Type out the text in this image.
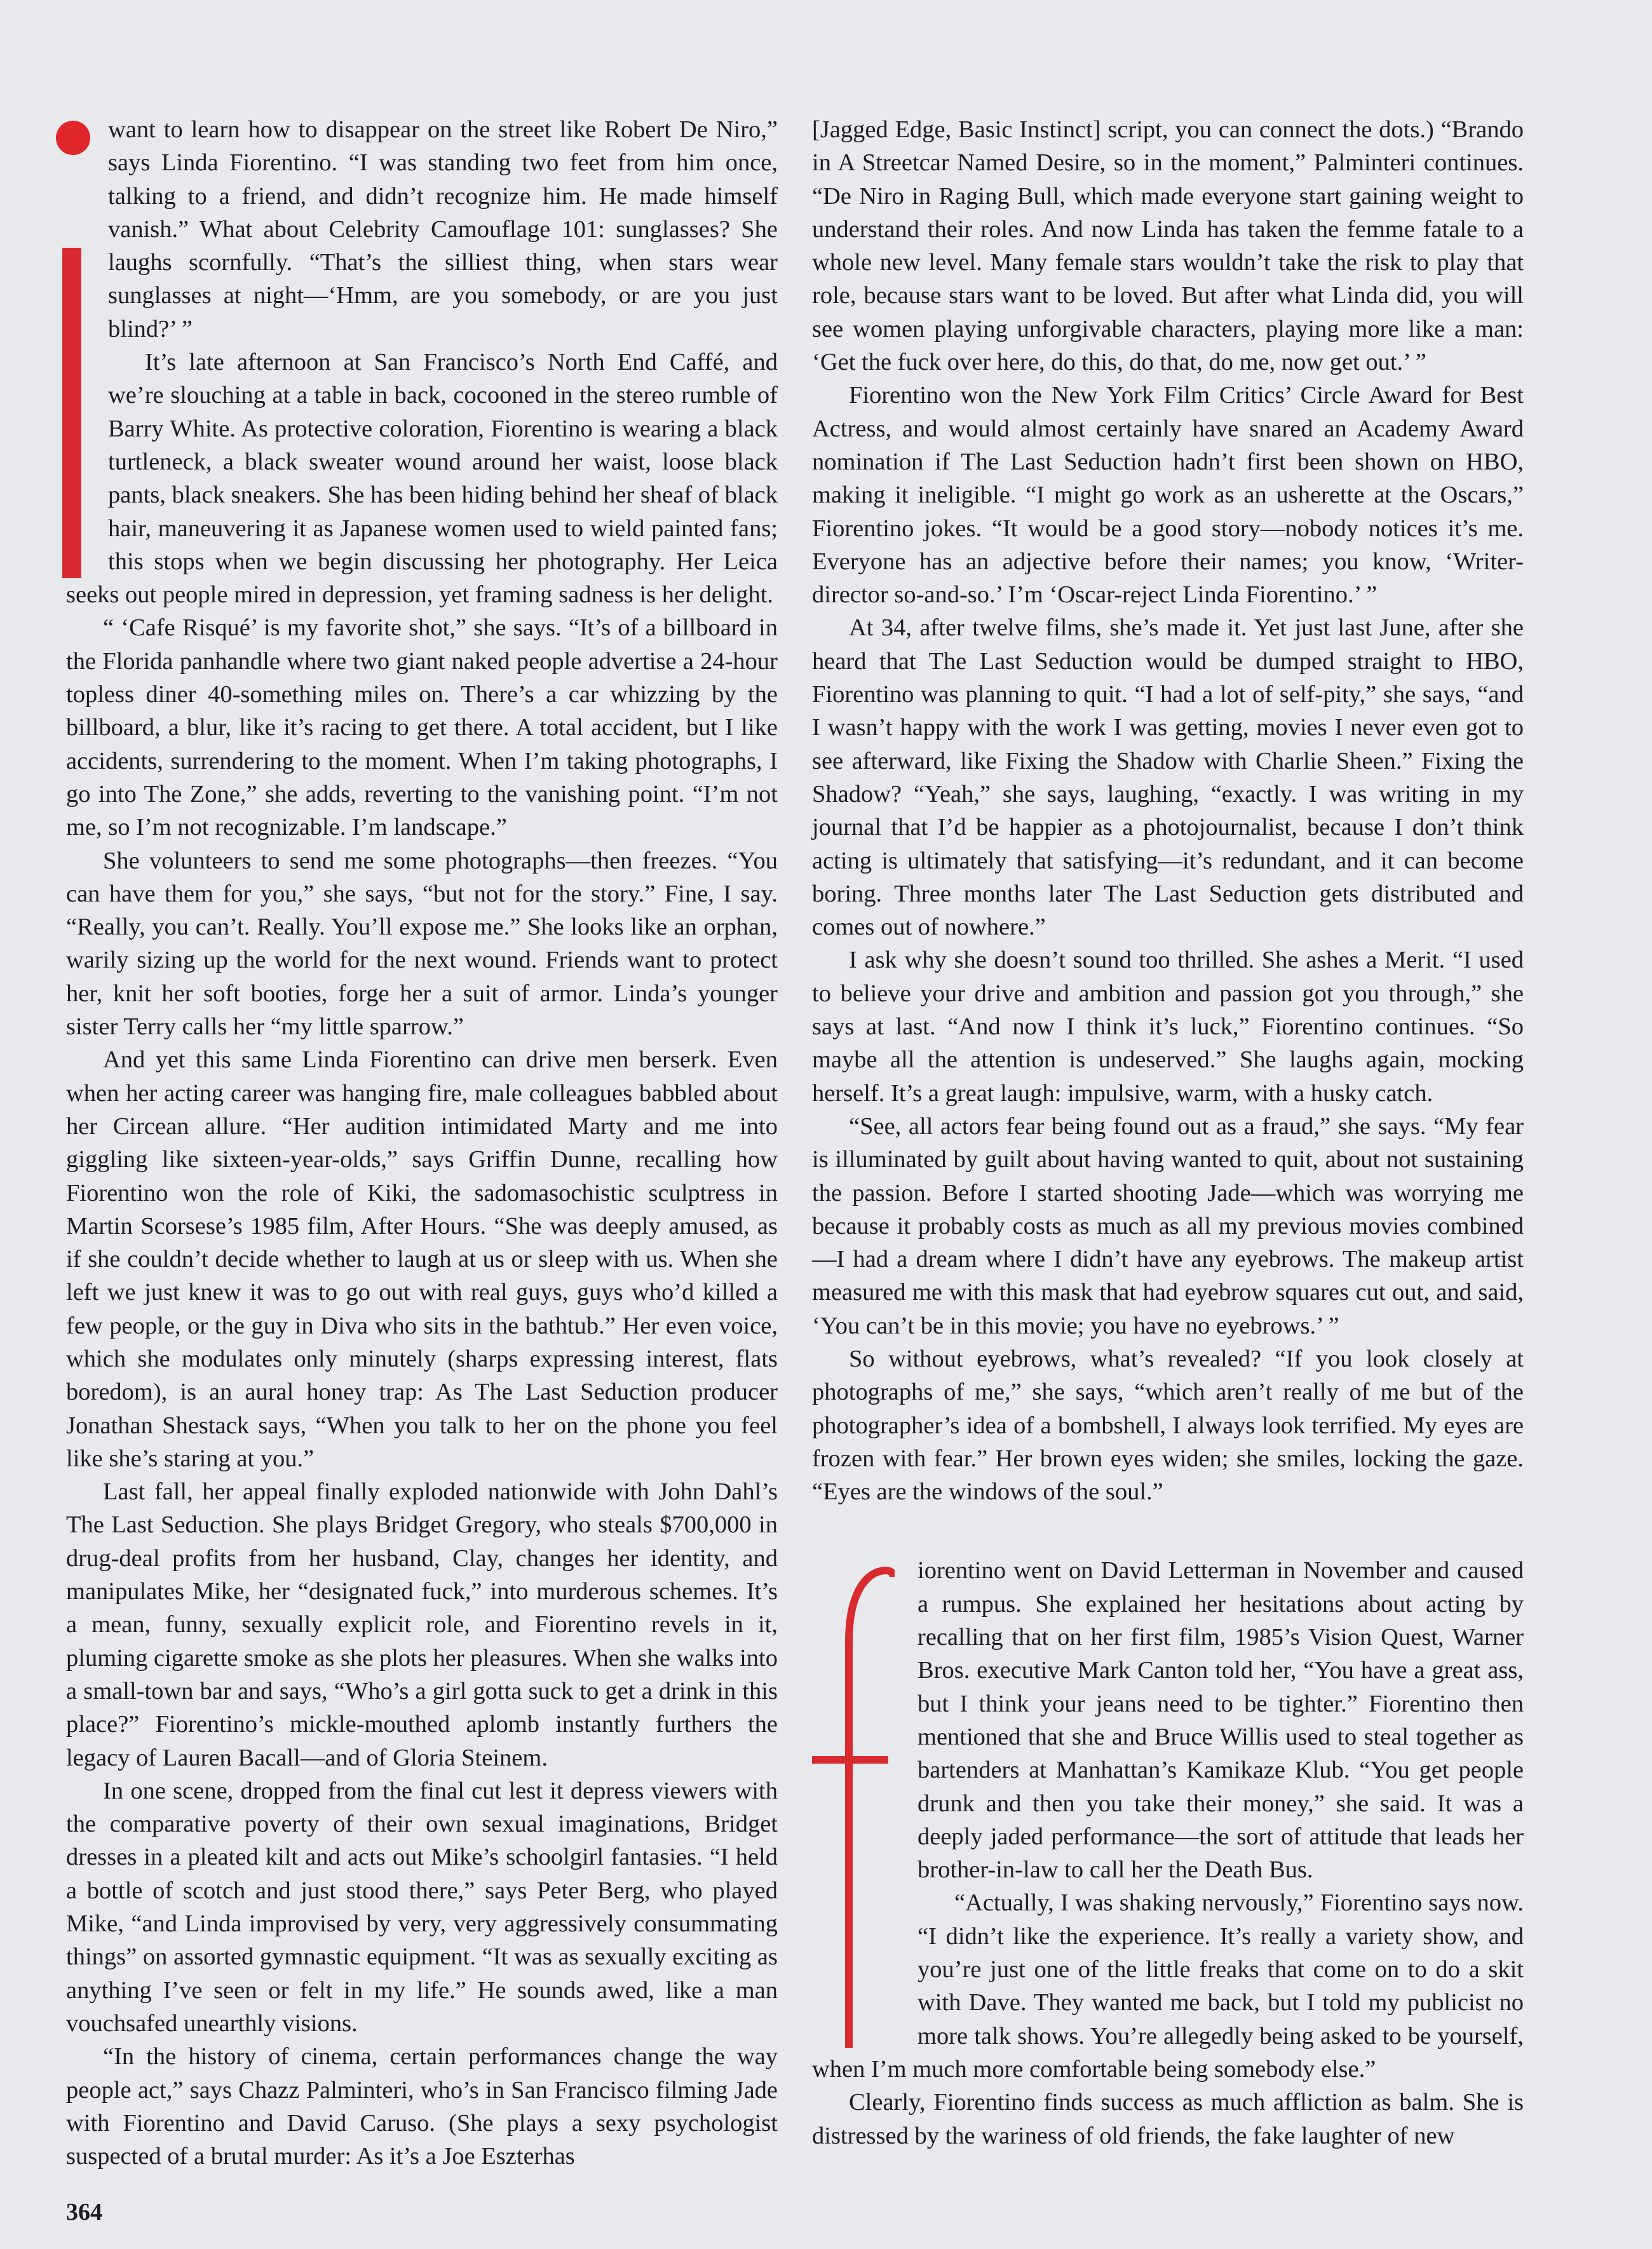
want to learn how to disappear on the street like Robert De Niro,” says Linda Fiorentino. “I was standing two feet from him once, talking to a friend, and didn’t recognize him. He made himself vanish.” What about Celebrity Camouflage 101: sunglasses? She laughs scornfully. “That’s the silliest thing, when stars wear sunglasses at night—‘Hmm, are you somebody, or are you just blind?’ ”

It’s late afternoon at San Francisco’s North End Caffé, and we’re slouching at a table in back, cocooned in the stereo rumble of Barry White. As protective coloration, Fiorentino is wearing a black turtleneck, a black sweater wound around her waist, loose black pants, black sneakers. She has been hiding behind her sheaf of black hair, maneuvering it as Japanese women used to wield painted fans; this stops when we begin discussing her photography. Her Leica seeks out people mired in depression, yet framing sadness is her delight.

“ ‘Cafe Risqué’ is my favorite shot,” she says. “It’s of a billboard in the Florida panhandle where two giant naked people advertise a 24-hour topless diner 40-something miles on. There’s a car whizzing by the billboard, a blur, like it’s racing to get there. A total accident, but I like accidents, surrendering to the moment. When I’m taking photographs, I go into The Zone,” she adds, reverting to the vanishing point. “I’m not me, so I’m not recognizable. I’m landscape.”

She volunteers to send me some photographs—then freezes. “You can have them for you,” she says, “but not for the story.” Fine, I say. “Really, you can’t. Really. You’ll expose me.” She looks like an orphan, warily sizing up the world for the next wound. Friends want to protect her, knit her soft booties, forge her a suit of armor. Linda’s younger sister Terry calls her “my little sparrow.”

And yet this same Linda Fiorentino can drive men berserk. Even when her acting career was hanging fire, male colleagues babbled about her Circean allure. “Her audition intimidated Marty and me into giggling like sixteen-year-olds,” says Griffin Dunne, recalling how Fiorentino won the role of Kiki, the sadomasochistic sculptress in Martin Scorsese’s 1985 film, After Hours. “She was deeply amused, as if she couldn’t decide whether to laugh at us or sleep with us. When she left we just knew it was to go out with real guys, guys who’d killed a few people, or the guy in Diva who sits in the bathtub.” Her even voice, which she modulates only minutely (sharps expressing interest, flats boredom), is an aural honey trap: As The Last Seduction producer Jonathan Shestack says, “When you talk to her on the phone you feel like she’s staring at you.”

Last fall, her appeal finally exploded nationwide with John Dahl’s The Last Seduction. She plays Bridget Gregory, who steals $700,000 in drug-deal profits from her husband, Clay, changes her identity, and manipulates Mike, her “designated fuck,” into murderous schemes. It’s a mean, funny, sexually explicit role, and Fiorentino revels in it, pluming cigarette smoke as she plots her pleasures. When she walks into a small-town bar and says, “Who’s a girl gotta suck to get a drink in this place?” Fiorentino’s mickle-mouthed aplomb instantly furthers the legacy of Lauren Bacall—and of Gloria Steinem.

In one scene, dropped from the final cut lest it depress viewers with the comparative poverty of their own sexual imaginations, Bridget dresses in a pleated kilt and acts out Mike’s schoolgirl fantasies. “I held a bottle of scotch and just stood there,” says Peter Berg, who played Mike, “and Linda improvised by very, very aggressively consummating things” on assorted gymnastic equipment. “It was as sexually exciting as anything I’ve seen or felt in my life.” He sounds awed, like a man vouchsafed unearthly visions.

“In the history of cinema, certain performances change the way people act,” says Chazz Palminteri, who’s in San Francisco filming Jade with Fiorentino and David Caruso. (She plays a sexy psychologist suspected of a brutal murder: As it’s a Joe Eszterhas

[Jagged Edge, Basic Instinct] script, you can connect the dots.) “Brando in A Streetcar Named Desire, so in the moment,” Palminteri continues. “De Niro in Raging Bull, which made everyone start gaining weight to understand their roles. And now Linda has taken the femme fatale to a whole new level. Many female stars wouldn’t take the risk to play that role, because stars want to be loved. But after what Linda did, you will see women playing unforgivable characters, playing more like a man: ‘Get the fuck over here, do this, do that, do me, now get out.’ ”

Fiorentino won the New York Film Critics’ Circle Award for Best Actress, and would almost certainly have snared an Academy Award nomination if The Last Seduction hadn’t first been shown on HBO, making it ineligible. “I might go work as an usherette at the Oscars,” Fiorentino jokes. “It would be a good story—nobody notices it’s me. Everyone has an adjective before their names; you know, ‘Writer-director so-and-so.’ I’m ‘Oscar-reject Linda Fiorentino.’ ”

At 34, after twelve films, she’s made it. Yet just last June, after she heard that The Last Seduction would be dumped straight to HBO, Fiorentino was planning to quit. “I had a lot of self-pity,” she says, “and I wasn’t happy with the work I was getting, movies I never even got to see afterward, like Fixing the Shadow with Charlie Sheen.” Fixing the Shadow? “Yeah,” she says, laughing, “exactly. I was writing in my journal that I’d be happier as a photojournalist, because I don’t think acting is ultimately that satisfying—it’s redundant, and it can become boring. Three months later The Last Seduction gets distributed and comes out of nowhere.”

I ask why she doesn’t sound too thrilled. She ashes a Merit. “I used to believe your drive and ambition and passion got you through,” she says at last. “And now I think it’s luck,” Fiorentino continues. “So maybe all the attention is undeserved.” She laughs again, mocking herself. It’s a great laugh: impulsive, warm, with a husky catch.

“See, all actors fear being found out as a fraud,” she says. “My fear is illuminated by guilt about having wanted to quit, about not sustaining the passion. Before I started shooting Jade—which was worrying me because it probably costs as much as all my previous movies combined—I had a dream where I didn’t have any eyebrows. The makeup artist measured me with this mask that had eyebrow squares cut out, and said, ‘You can’t be in this movie; you have no eyebrows.’ ”

So without eyebrows, what’s revealed? “If you look closely at photographs of me,” she says, “which aren’t really of me but of the photographer’s idea of a bombshell, I always look terrified. My eyes are frozen with fear.” Her brown eyes widen; she smiles, locking the gaze. “Eyes are the windows of the soul.”

iorentino went on David Letterman in November and caused a rumpus. She explained her hesitations about acting by recalling that on her first film, 1985’s Vision Quest, Warner Bros. executive Mark Canton told her, “You have a great ass, but I think your jeans need to be tighter.” Fiorentino then mentioned that she and Bruce Willis used to steal together as bartenders at Manhattan’s Kamikaze Klub. “You get people drunk and then you take their money,” she said. It was a deeply jaded performance—the sort of attitude that leads her brother-in-law to call her the Death Bus.

“Actually, I was shaking nervously,” Fiorentino says now. “I didn’t like the experience. It’s really a variety show, and you’re just one of the little freaks that come on to do a skit with Dave. They wanted me back, but I told my publicist no more talk shows. You’re allegedly being asked to be yourself, when I’m much more comfortable being somebody else.”

Clearly, Fiorentino finds success as much affliction as balm. She is distressed by the wariness of old friends, the fake laughter of new

364
